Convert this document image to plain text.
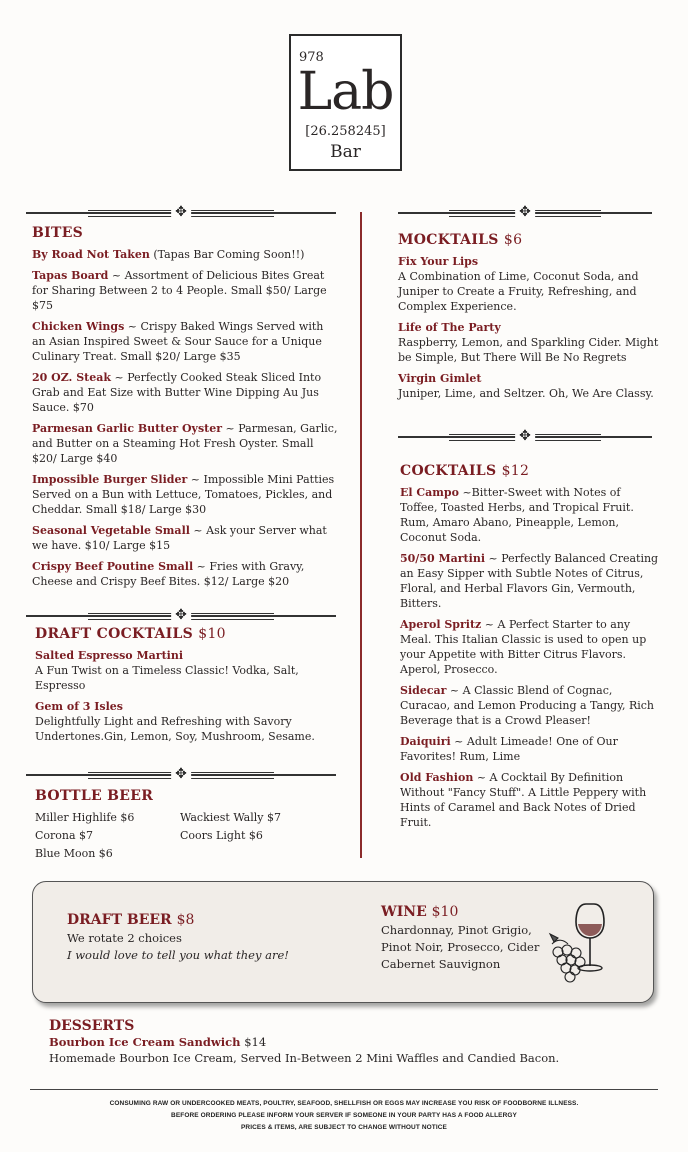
978
Lab
[26.258245]
Bar
✥	✥
✥
✥
✥
BITES
By Road Not Taken (Tapas Bar Coming Soon!!)
Tapas Board ~ Assortment of Delicious Bites Great for Sharing Between 2 to 4 People. Small $50/ Large $75
Chicken Wings ~ Crispy Baked Wings Served with an Asian Inspired Sweet & Sour Sauce for a Unique Culinary Treat. Small $20/ Large $35
20 OZ. Steak ~ Perfectly Cooked Steak Sliced Into Grab and Eat Size with Butter Wine Dipping Au Jus Sauce. $70
Parmesan Garlic Butter Oyster ~ Parmesan, Garlic, and Butter on a Steaming Hot Fresh Oyster. Small $20/ Large $40
Impossible Burger Slider ~ Impossible Mini Patties Served on a Bun with Lettuce, Tomatoes, Pickles, and Cheddar. Small $18/ Large $30
Seasonal Vegetable Small ~ Ask your Server what we have. $10/ Large $15
Crispy Beef Poutine Small ~ Fries with Gravy, Cheese and Crispy Beef Bites. $12/ Large $20
DRAFT COCKTAILS $10
Salted Espresso Martini
A Fun Twist on a Timeless Classic! Vodka, Salt, Espresso
Gem of 3 Isles
Delightfully Light and Refreshing with Savory Undertones.Gin, Lemon, Soy, Mushroom, Sesame.
BOTTLE BEER
Miller Highlife $6
Corona $7
Blue Moon $6
Wackiest Wally $7
Coors Light $6
MOCKTAILS $6
Fix Your Lips
A Combination of Lime, Coconut Soda, and Juniper to Create a Fruity, Refreshing, and Complex Experience.
Life of The Party
Raspberry, Lemon, and Sparkling Cider. Might be Simple, But There Will Be No Regrets
Virgin Gimlet
Juniper, Lime, and Seltzer. Oh, We Are Classy.
COCKTAILS $12
El Campo ~Bitter-Sweet with Notes of Toffee, Toasted Herbs, and Tropical Fruit. Rum, Amaro Abano, Pineapple, Lemon, Coconut Soda.
50/50 Martini ~ Perfectly Balanced Creating an Easy Sipper with Subtle Notes of Citrus, Floral, and Herbal Flavors Gin, Vermouth, Bitters.
Aperol Spritz ~ A Perfect Starter to any Meal. This Italian Classic is used to open up your Appetite with Bitter Citrus Flavors. Aperol, Prosecco.
Sidecar ~ A Classic Blend of Cognac, Curacao, and Lemon Producing a Tangy, Rich Beverage that is a Crowd Pleaser!
Daiquiri ~ Adult Limeade! One of Our Favorites! Rum, Lime
Old Fashion ~ A Cocktail By Definition Without "Fancy Stuff". A Little Peppery with Hints of Caramel and Back Notes of Dried Fruit.
DRAFT BEER $8
We rotate 2 choices
I would love to tell you what they are!
WINE $10
Chardonnay, Pinot Grigio,
Pinot Noir, Prosecco, Cider
Cabernet Sauvignon
DESSERTS
Bourbon Ice Cream Sandwich $14
Homemade Bourbon Ice Cream, Served In-Between 2 Mini Waffles and Candied Bacon.
CONSUMING RAW OR UNDERCOOKED MEATS, POULTRY, SEAFOOD, SHELLFISH OR EGGS MAY INCREASE YOU RISK OF FOODBORNE ILLNESS.
BEFORE ORDERING PLEASE INFORM YOUR SERVER IF SOMEONE IN YOUR PARTY HAS A FOOD ALLERGY
PRICES & ITEMS, ARE SUBJECT TO CHANGE WITHOUT NOTICE
